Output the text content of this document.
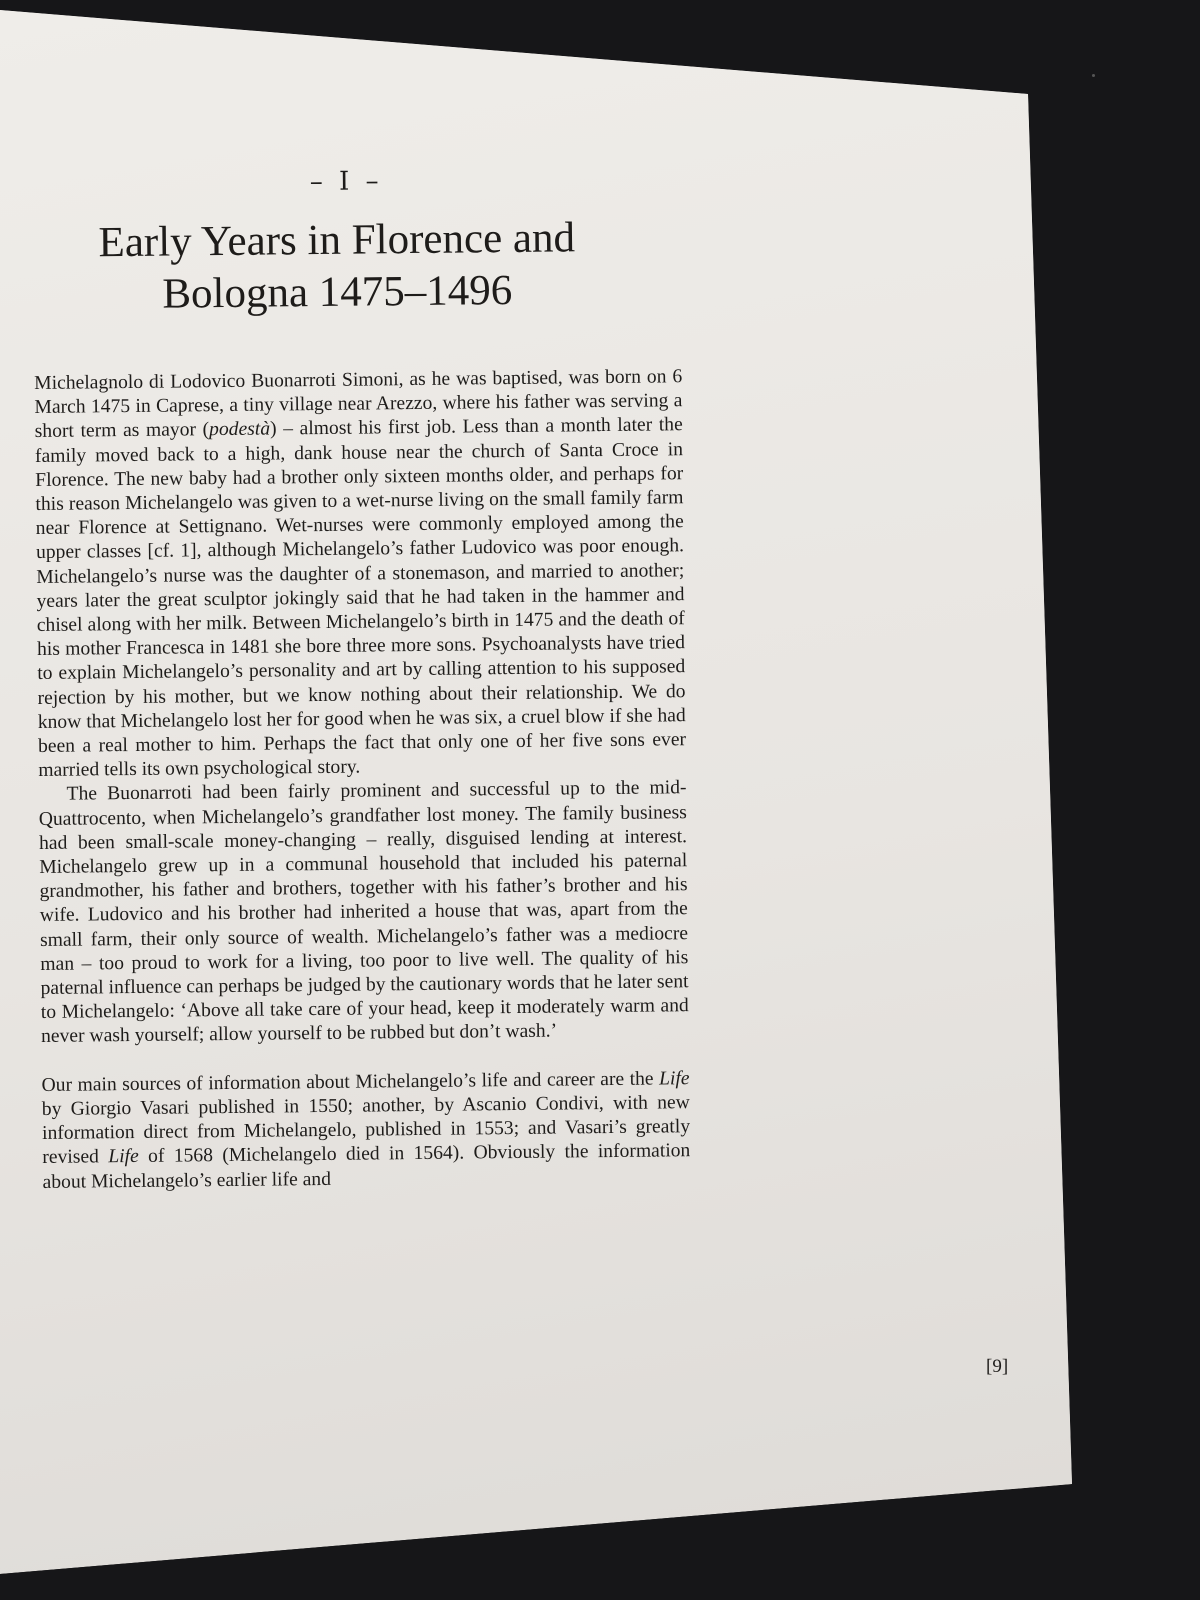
– I –
Early Years in Florence and Bologna 1475–1496

Michelagnolo di Lodovico Buonarroti Simoni, as he was baptised, was born on 6 March 1475 in Caprese, a tiny village near Arezzo, where his father was serving a short term as mayor (podestà) – almost his first job. Less than a month later the family moved back to a high, dank house near the church of Santa Croce in Florence. The new baby had a brother only sixteen months older, and perhaps for this reason Michelangelo was given to a wet-nurse living on the small family farm near Florence at Settignano. Wet-nurses were commonly employed among the upper classes [cf. 1], although Michelangelo’s father Ludovico was poor enough. Michelangelo’s nurse was the daughter of a stonemason, and married to another; years later the great sculptor jokingly said that he had taken in the hammer and chisel along with her milk. Between Michelangelo’s birth in 1475 and the death of his mother Francesca in 1481 she bore three more sons. Psychoanalysts have tried to explain Michelangelo’s personality and art by calling attention to his supposed rejection by his mother, but we know nothing about their relationship. We do know that Michelangelo lost her for good when he was six, a cruel blow if she had been a real mother to him. Perhaps the fact that only one of her five sons ever married tells its own psychological story.

The Buonarroti had been fairly prominent and successful up to the mid-Quattrocento, when Michelangelo’s grandfather lost money. The family business had been small-scale money-changing – really, disguised lending at interest. Michelangelo grew up in a communal household that included his paternal grandmother, his father and brothers, together with his father’s brother and his wife. Ludovico and his brother had inherited a house that was, apart from the small farm, their only source of wealth. Michelangelo’s father was a mediocre man – too proud to work for a living, too poor to live well. The quality of his paternal influence can perhaps be judged by the cautionary words that he later sent to Michelangelo: ‘Above all take care of your head, keep it moderately warm and never wash yourself; allow yourself to be rubbed but don’t wash.’

Our main sources of information about Michelangelo’s life and career are the Life by Giorgio Vasari published in 1550; another, by Ascanio Condivi, with new information direct from Michelangelo, published in 1553; and Vasari’s greatly revised Life of 1568 (Michelangelo died in 1564). Obviously the information about Michelangelo’s earlier life and

[9]
